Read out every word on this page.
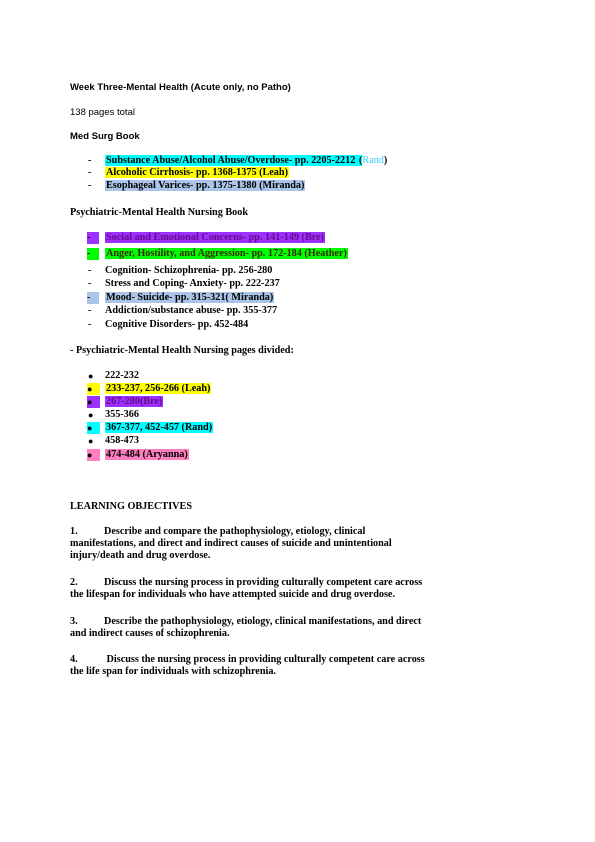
Week Three-Mental Health (Acute only, no Patho)
138 pages total
Med Surg Book
- Substance Abuse/Alcohol Abuse/Overdose- pp. 2205-2212 (Rand)
- Alcoholic Cirrhosis- pp. 1368-1375 (Leah)
- Esophageal Varices- pp. 1375-1380 (Miranda)
Psychiatric-Mental Health Nursing Book
-	Social and Emotional Concerns- pp. 141-149 (Bre)
-	Anger, Hostility, and Aggression- pp. 172-184 (Heather)
- Cognition- Schizophrenia- pp. 256-280
- Stress and Coping- Anxiety- pp. 222-237
-	Mood- Suicide- pp. 315-321( Miranda)
- Addiction/substance abuse- pp. 355-377
- Cognitive Disorders- pp. 452-484
- Psychiatric-Mental Health Nursing pages divided:
● 222-232
●	233-237, 256-266 (Leah)
●	267-280(Bre)
● 355-366
●	367-377, 452-457 (Rand)
● 458-473
●	474-484 (Aryanna)
LEARNING OBJECTIVES
1.	Describe and compare the pathophysiology, etiology, clinical
manifestations, and direct and indirect causes of suicide and unintentional
injury/death and drug overdose.
2.	Discuss the nursing process in providing culturally competent care across
the lifespan for individuals who have attempted suicide and drug overdose.
3.	Describe the pathophysiology, etiology, clinical manifestations, and direct
and indirect causes of schizophrenia.
4.	Discuss the nursing process in providing culturally competent care across
the life span for individuals with schizophrenia.
